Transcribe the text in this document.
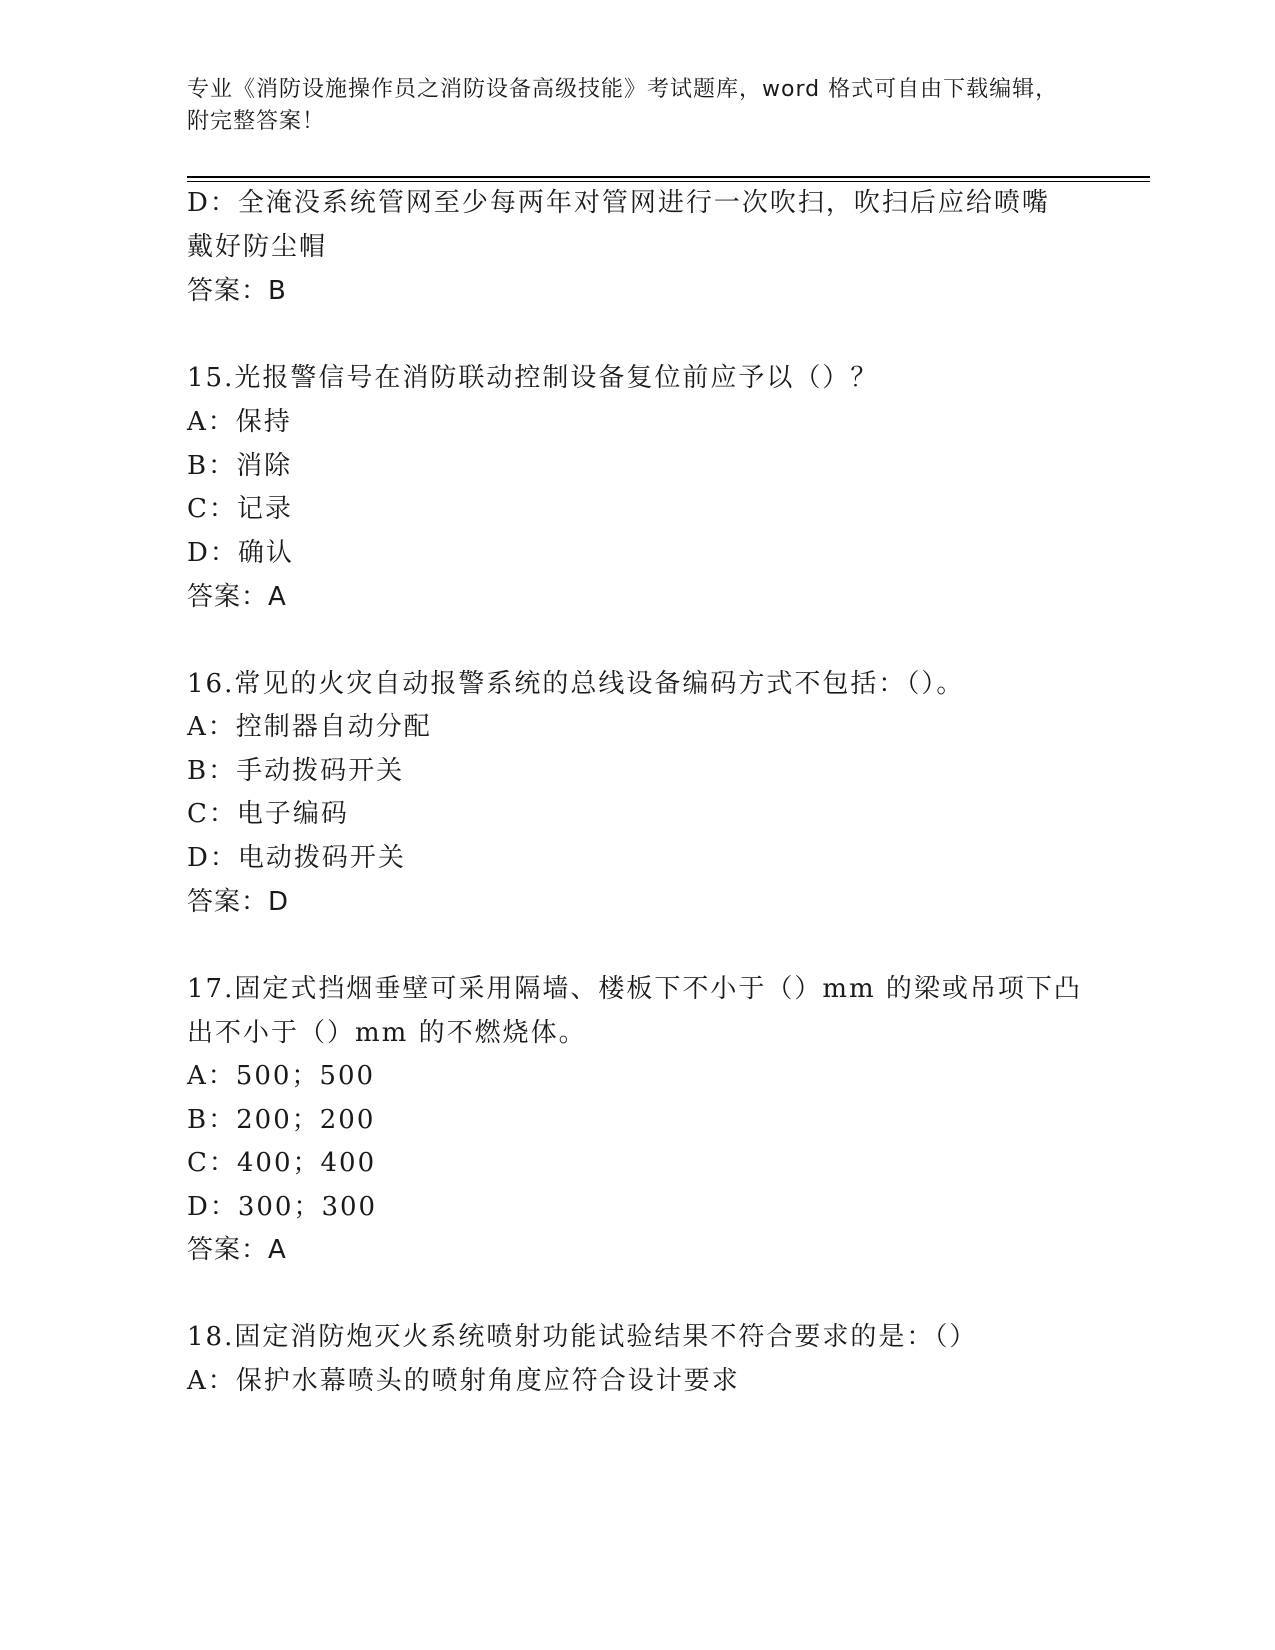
专业《消防设施操作员之消防设备高级技能》考试题库，word 格式可自由下载编辑，附完整答案！
D：全淹没系统管网至少每两年对管网进行一次吹扫，吹扫后应给喷嘴
戴好防尘帽
答案：B
15.光报警信号在消防联动控制设备复位前应予以（）？
A：保持
B：消除
C：记录
D：确认
答案：A
16.常见的火灾自动报警系统的总线设备编码方式不包括：（）。
A：控制器自动分配
B：手动拨码开关
C：电子编码
D：电动拨码开关
答案：D
17.固定式挡烟垂壁可采用隔墙、楼板下不小于（）mm 的梁或吊项下凸
出不小于（）mm 的不燃烧体。
A：500；500
B：200；200
C：400；400
D：300；300
答案：A
18.固定消防炮灭火系统喷射功能试验结果不符合要求的是：（）
A：保护水幕喷头的喷射角度应符合设计要求
